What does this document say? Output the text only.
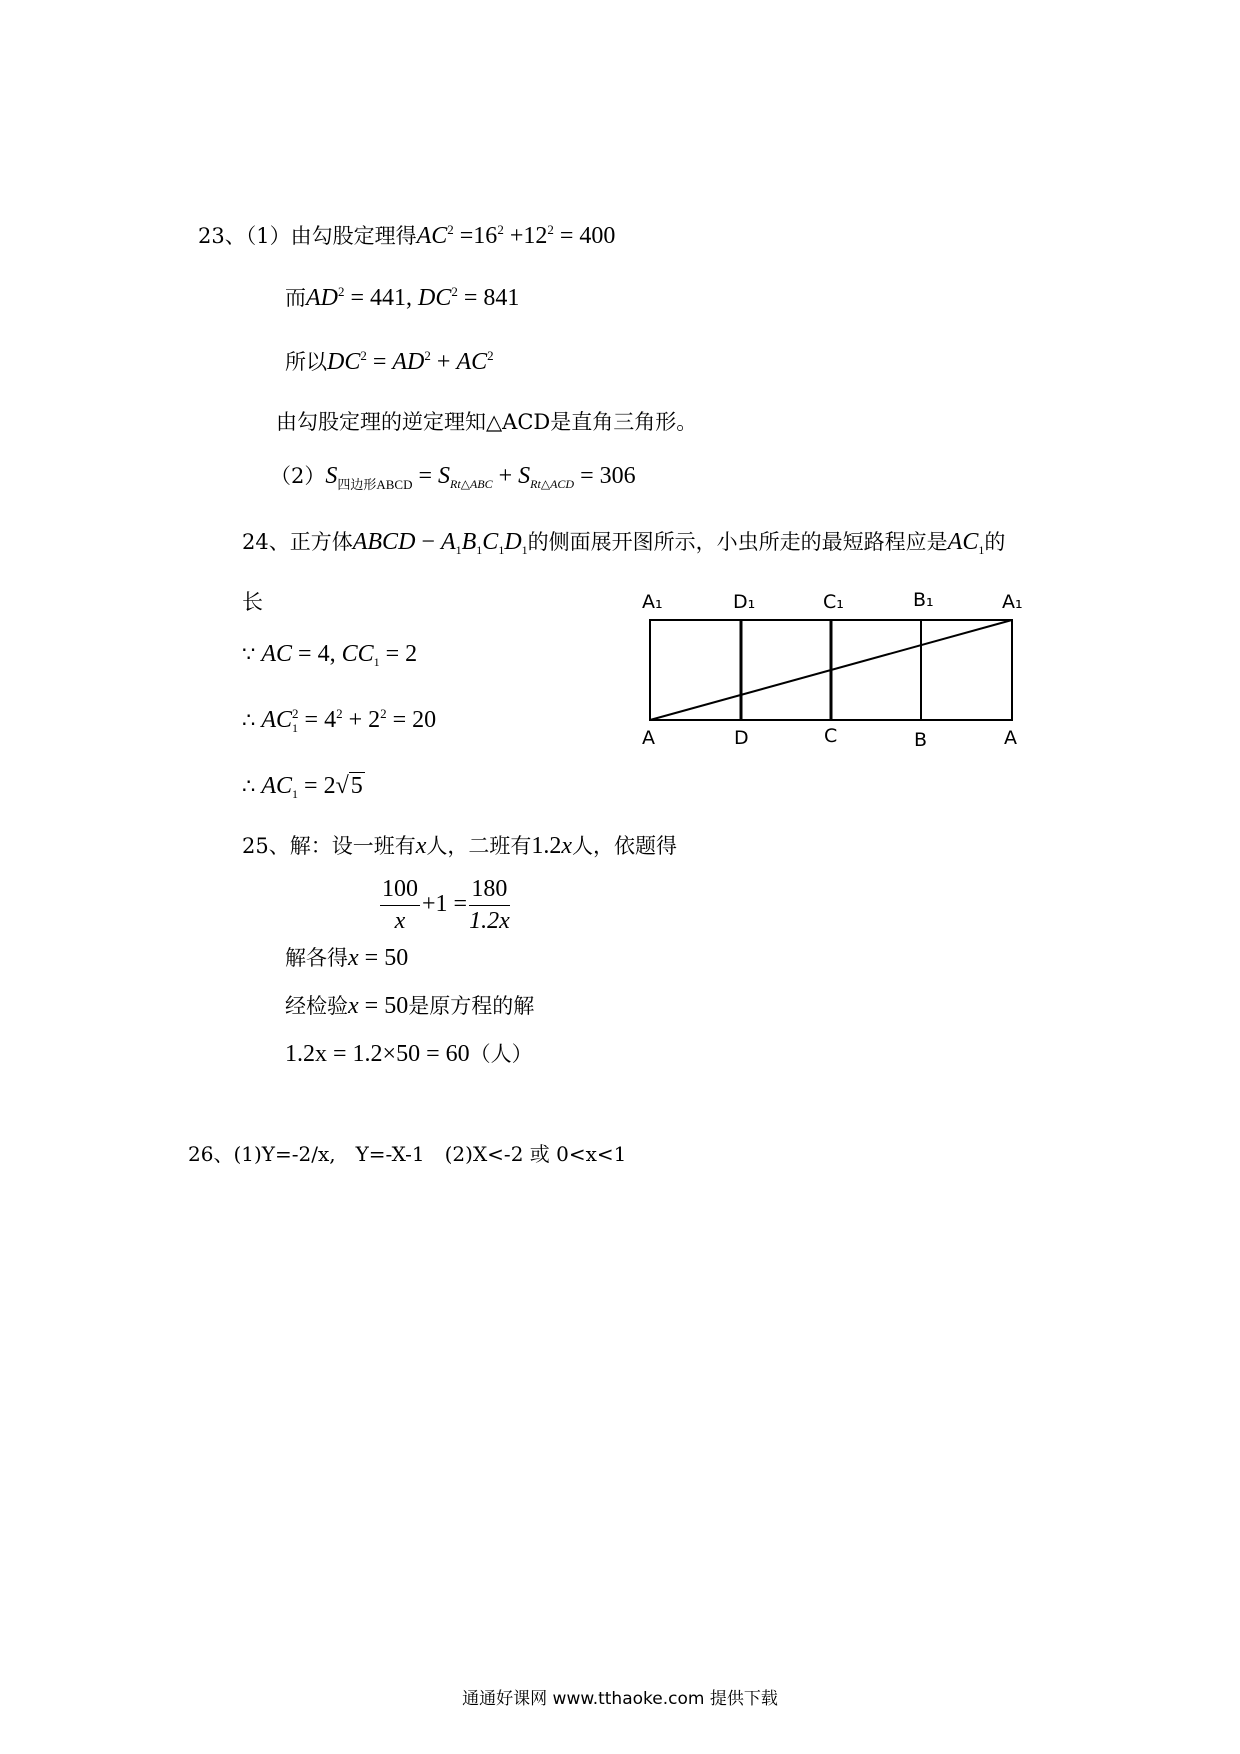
23、（1）由勾股定理得$AC^2 =16^2 +12^2 = 400$
而$AD^2 = 441$, $DC^2 = 841$
所以$DC^2 = AD^2 + AC^2$
由勾股定理的逆定理知△ACD是直角三角形。
$(2)S_{四边形ABCD} = S_{Rt\triangle ABC} + S_{Rt\triangle ACD} = 306$
24、正方体ABCD − $A_1B_1C_1D_1$的侧面展开图所示，小虫所走的最短路程应是$AC_1$的
长
∵ AC = 4, $CC_1 = 2$
∴ $AC_1^2 = 4^2 + 2^2 = 20$
∴ $AC_1 = 2√5$
A₁	D₁	C₁	B₁	A₁
A	D	C	B	A
25、解：设一班有x人，二班有1.2x人，依题得
$\frac{100}{x} +1 = \frac{180}{1.2x}$
解各得x = 50
经检验x = 50是原方程的解
1.2x = 1.2×50 = 60（人）
26、(1)Y=-2/x,　Y=-X-1　(2)X<-2 或 0<x<1
通通好课网 www.tthaoke.com 提供下载
